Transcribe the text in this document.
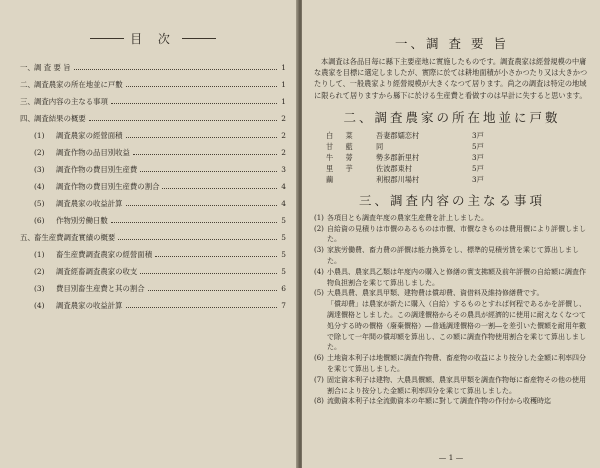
目 次
一、 調 査 要 旨	1
二、 調査農家の所在地並に戸數	1
三、 調査内容の主なる事項	1
四、 調査結果の概要	2
(1)	調査農家の經營面積	2
(2)	調査作物の品目別收益	2
(3)	調査作物の費目別生産費	3
(4)	調査作物の費目別生産費の割合	4
(5)	調査農家の收益計算	4
(6)	作物別労働日數	5
五、 畜生産費調査實績の概要	5
(1)	畜生産費調査農家の經營面積	5
(2)	調査經畜調査農家の收支	5
(3)	費目別畜生産費と其の割合	6
(4)	調査農家の收益計算	7
一、調 査 要 旨

本調査は各品目毎に縣下主要産地に實施したものです。調査農家は經營規模の中庸な農家を目標に選定しましたが、實際に於ては耕地面積が小さかつたり又は大きかつたりして、一般農家より經營規模が大きくなつて居ります。尚之の調査は特定の地域に限られて居りますから縣下に於ける生産費と看做すのは早計に失すると思います。

二、調査農家の所在地並に戸數
白 菜	吾妻郡嬬恋村	3戸
甘 藍	同	5戸
牛 蒡	勢多郡新里村	3戸
里 芋	佐波郡東村	5戸
繭	利根郡川場村	3戸
三、調査内容の主なる事項
(1) 各項目とも調査年度の農家生産費を計上しました。
(2) 自給資の見積りは市價のあるものは市價、市價なきものは費用價により評價しました。
(3) 家族労働費、畜力費の評價は能力換算をし、標準的見積労賃を乘じて算出しました。
(4) 小農具、農家具乙類は年度内の購入と修繕の實支拂額及前年評價の自給額に調査作物負担割合を乘じて算出しました。
(5) 大農具費、農家具甲類、建物費は償却費、資借料及維持修繕費です。
「償却費」は農家が新たに購入（自給）するものとすれば何程であるかを評價し、調達價格としました。この調達價格からその農具が經濟的に使用に耐えなくなつて処分する時の價格（廢棄價格）―普通調達價格の一割―を差引いた價額を耐用年數で除して一年間の償却額を算出し、この額に調査作物使用割合を乘じて算出しました。
(6) 土地資本利子は地價額に調査作物費、畜産物の收益により按分した金額に利率四分を乘じて算出しました。
(7) 固定資本利子は建物、大農具價額、農家具甲類を調査作物毎に畜産物その他の使用割合により按分した金額に利率四分を乘じて算出しました。
(8) 流動資本利子は全流動資本の年額に對して調査作物の作付から收穫時迄
— 1 —
